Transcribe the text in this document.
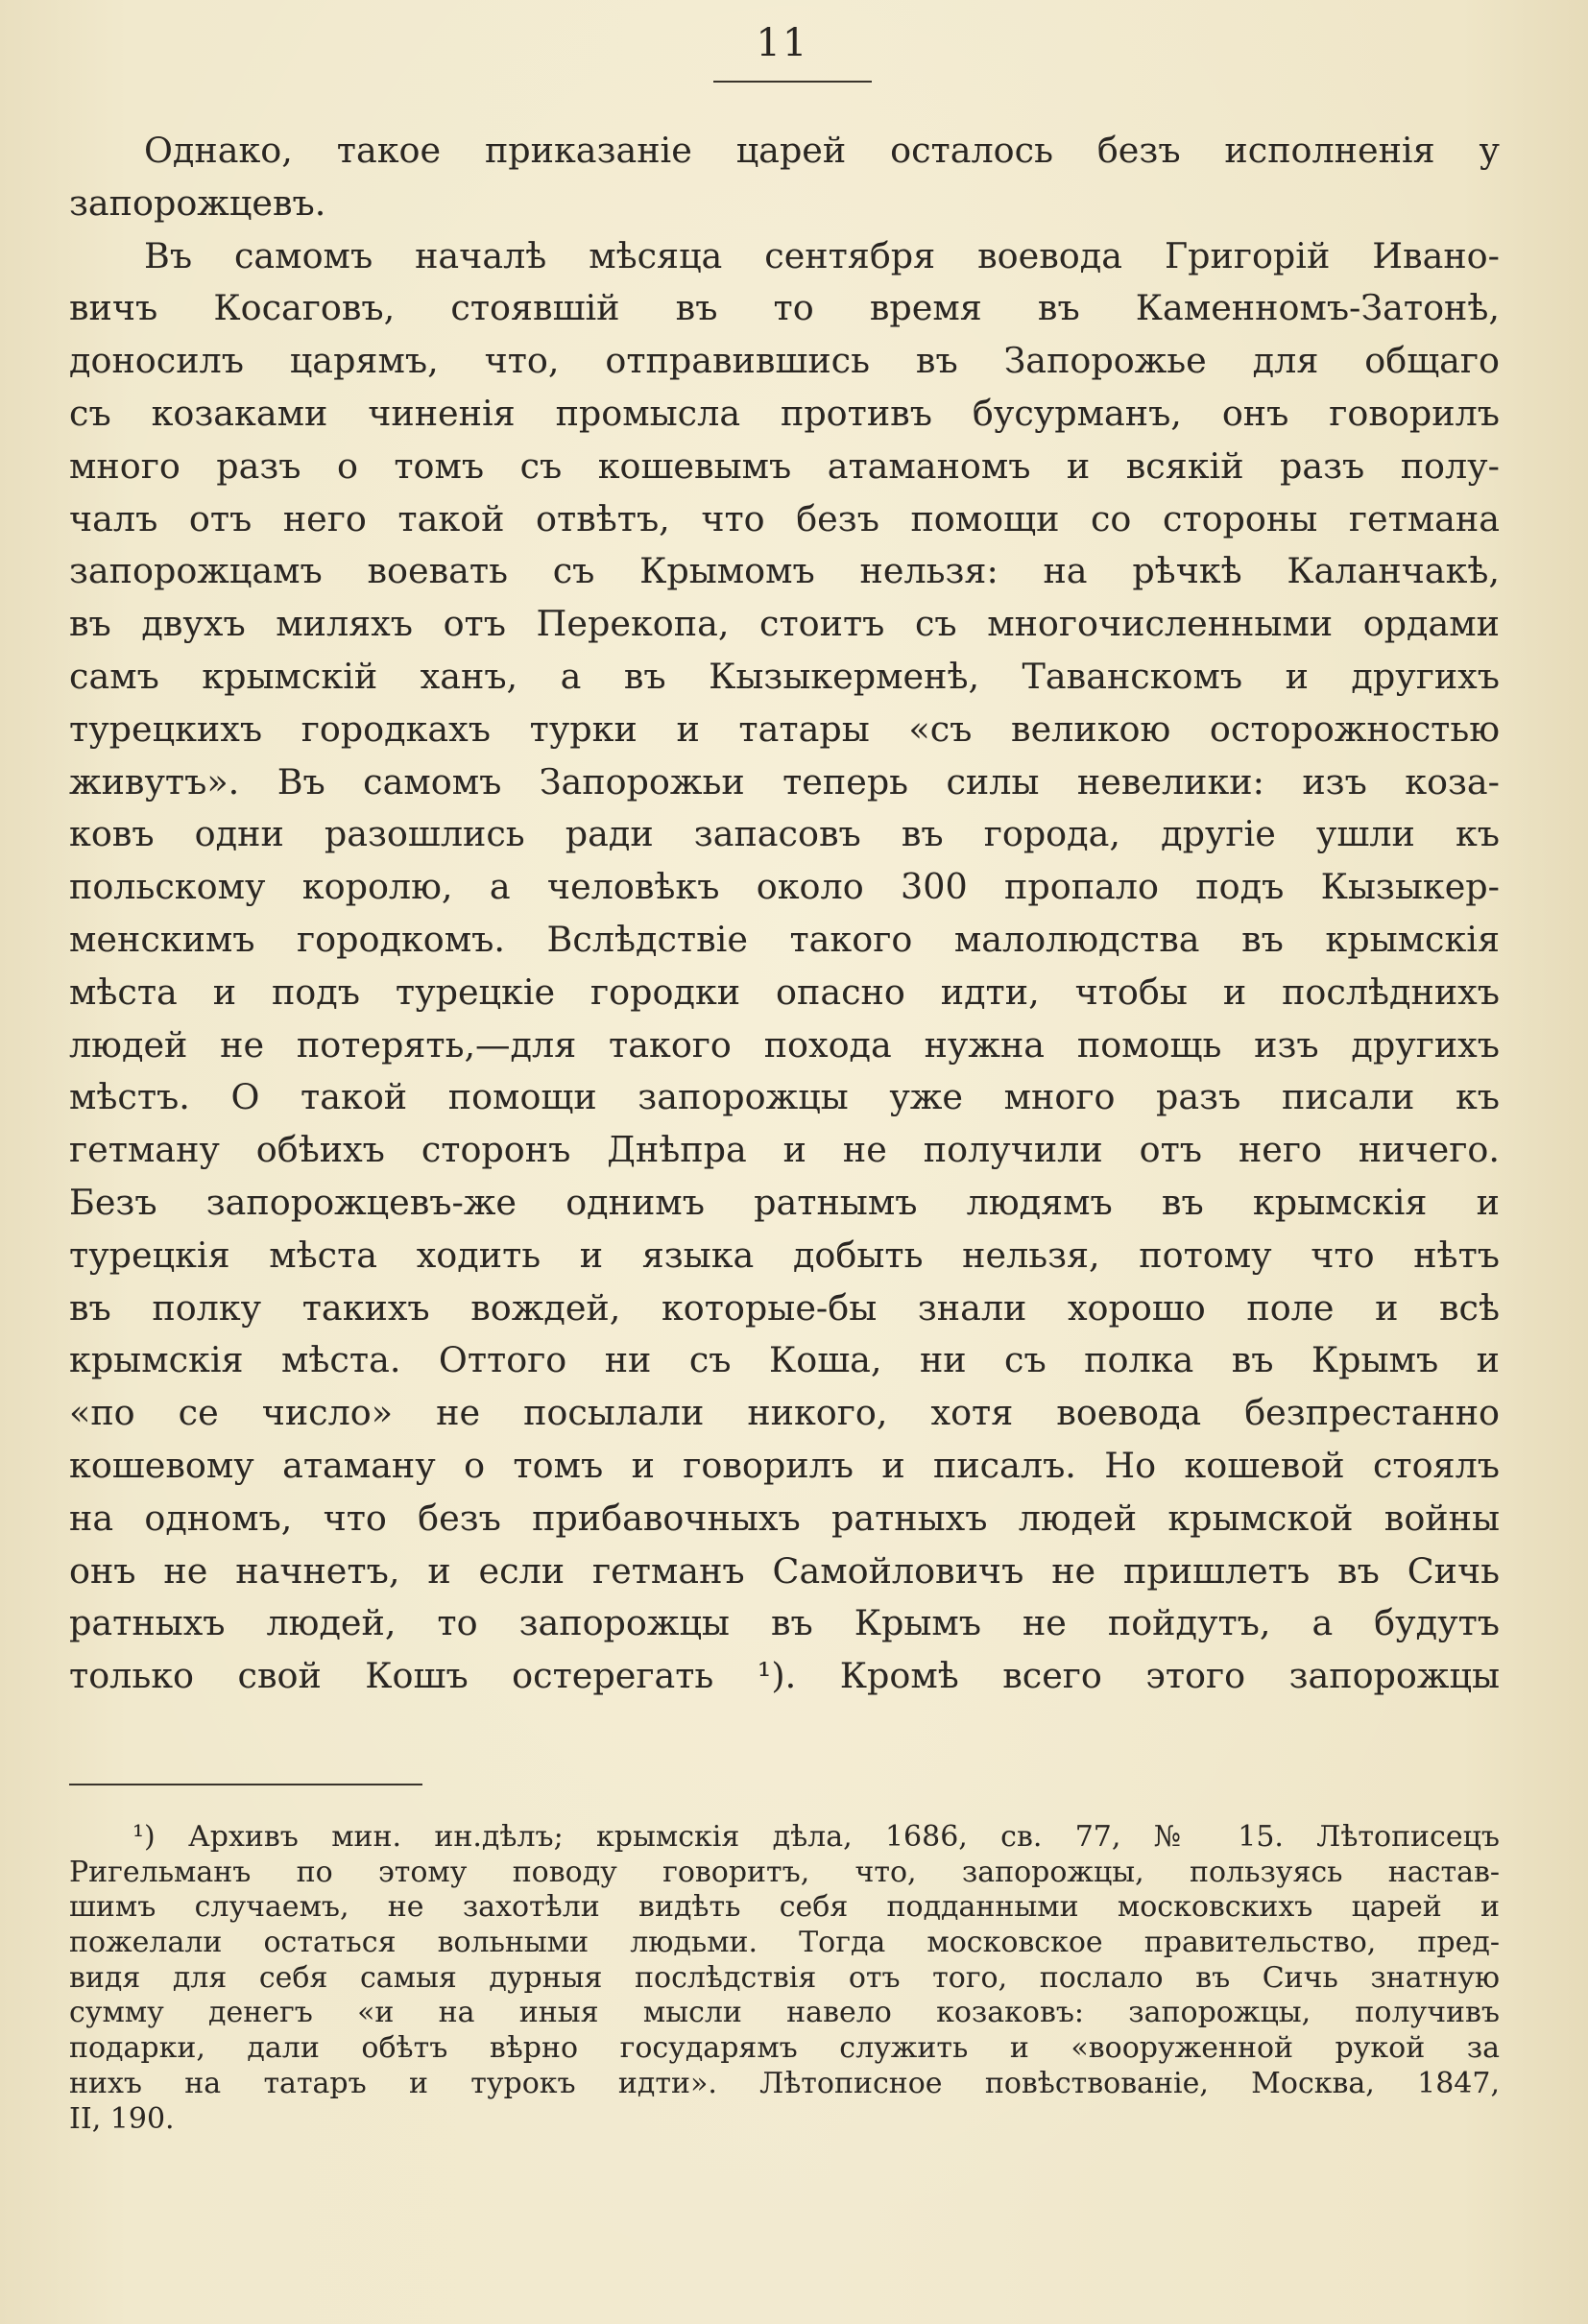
11
Однако, такое приказаніе царей осталось безъ исполненія у
запорожцевъ.
Въ самомъ началѣ мѣсяца сентября воевода Григорій Ивано-
вичъ Косаговъ, стоявшій въ то время въ Каменномъ-Затонѣ,
доносилъ царямъ, что, отправившись въ Запорожье для общаго
съ козаками чиненія промысла противъ бусурманъ, онъ говорилъ
много разъ о томъ съ кошевымъ атаманомъ и всякій разъ полу-
чалъ отъ него такой отвѣтъ, что безъ помощи со стороны гетмана
запорожцамъ воевать съ Крымомъ нельзя: на рѣчкѣ Каланчакѣ,
въ двухъ миляхъ отъ Перекопа, стоитъ съ многочисленными ордами
самъ крымскій ханъ, а въ Кызыкерменѣ, Таванскомъ и другихъ
турецкихъ городкахъ турки и татары «съ великою осторожностью
живутъ». Въ самомъ Запорожьи теперь силы невелики: изъ коза-
ковъ одни разошлись ради запасовъ въ города, другіе ушли къ
польскому королю, а человѣкъ около 300 пропало подъ Кызыкер-
менскимъ городкомъ. Вслѣдствіе такого малолюдства въ крымскія
мѣста и подъ турецкіе городки опасно идти, чтобы и послѣднихъ
людей не потерять,—для такого похода нужна помощь изъ другихъ
мѣстъ. О такой помощи запорожцы уже много разъ писали къ
гетману обѣихъ сторонъ Днѣпра и не получили отъ него ничего.
Безъ запорожцевъ-же однимъ ратнымъ людямъ въ крымскія и
турецкія мѣста ходить и языка добыть нельзя, потому что нѣтъ
въ полку такихъ вождей, которые-бы знали хорошо поле и всѣ
крымскія мѣста. Оттого ни съ Коша, ни съ полка въ Крымъ и
«по се число» не посылали никого, хотя воевода безпрестанно
кошевому атаману о томъ и говорилъ и писалъ. Но кошевой стоялъ
на одномъ, что безъ прибавочныхъ ратныхъ людей крымской войны
онъ не начнетъ, и если гетманъ Самойловичъ не пришлетъ въ Сичь
ратныхъ людей, то запорожцы въ Крымъ не пойдутъ, а будутъ
только свой Кошъ остерегать ¹). Кромѣ всего этого запорожцы
¹) Архивъ мин. ин.дѣлъ; крымскія дѣла, 1686, св. 77, № 15. Лѣтописецъ
Ригельманъ по этому поводу говоритъ, что, запорожцы, пользуясь настав-
шимъ случаемъ, не захотѣли видѣть себя подданными московскихъ царей и
пожелали остаться вольными людьми. Тогда московское правительство, пред-
видя для себя самыя дурныя послѣдствія отъ того, послало въ Сичь знатную
сумму денегъ «и на иныя мысли навело козаковъ: запорожцы, получивъ
подарки, дали обѣтъ вѣрно государямъ служить и «вооруженной рукой за
нихъ на татаръ и турокъ идти». Лѣтописное повѣствованіе, Москва, 1847,
II, 190.
